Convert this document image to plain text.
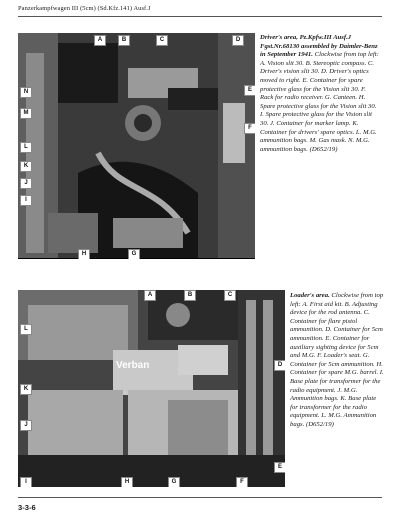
Panzerkampfwagen III (5cm) (Sd.Kfz.141) Ausf.J
A	B	C	D
E
F
G
H
I
J
K
L
M
N
Driver's area, Pz.Kpfw.III Ausf.J Fgst.Nr.68130 assembled by Daimler-Benz in September 1941. Clockwise from top left: A. Vision slit 30. B. Stereoptic compass. C. Driver's vision slit 30. D. Driver's optics moved to right. E. Container for spare protective glass for the Vision slit 30. F. Rack for radio receiver. G. Canteen. H. Spare protective glass for the Vision slit 30. I. Spare protective glass for the Vision slit 30. J. Container for marker lamp. K. Container for drivers' spare optics. L. M.G. ammunition bags. M. Gas mask. N. M.G. ammunition bags. (D652/19)
Verban
A	B	C
D
E
F
G
H
I
J
K
L
Loader's area. Clockwise from top left: A. First aid kit. B. Adjusting device for the rod antenna. C. Container for flare pistol ammunition. D. Container for 5cm ammunition. E. Container for auxiliary sighting device for 5cm and M.G. F. Loader's seat. G. Container for 5cm ammunition. H. Container for spare M.G. barrel. I. Base plate for transformer for the radio equipment. J. M.G. Ammunition bags. K. Base plate for transformer for the radio equipment. L. M.G. Ammunition bags. (D652/19)
3-3-6
